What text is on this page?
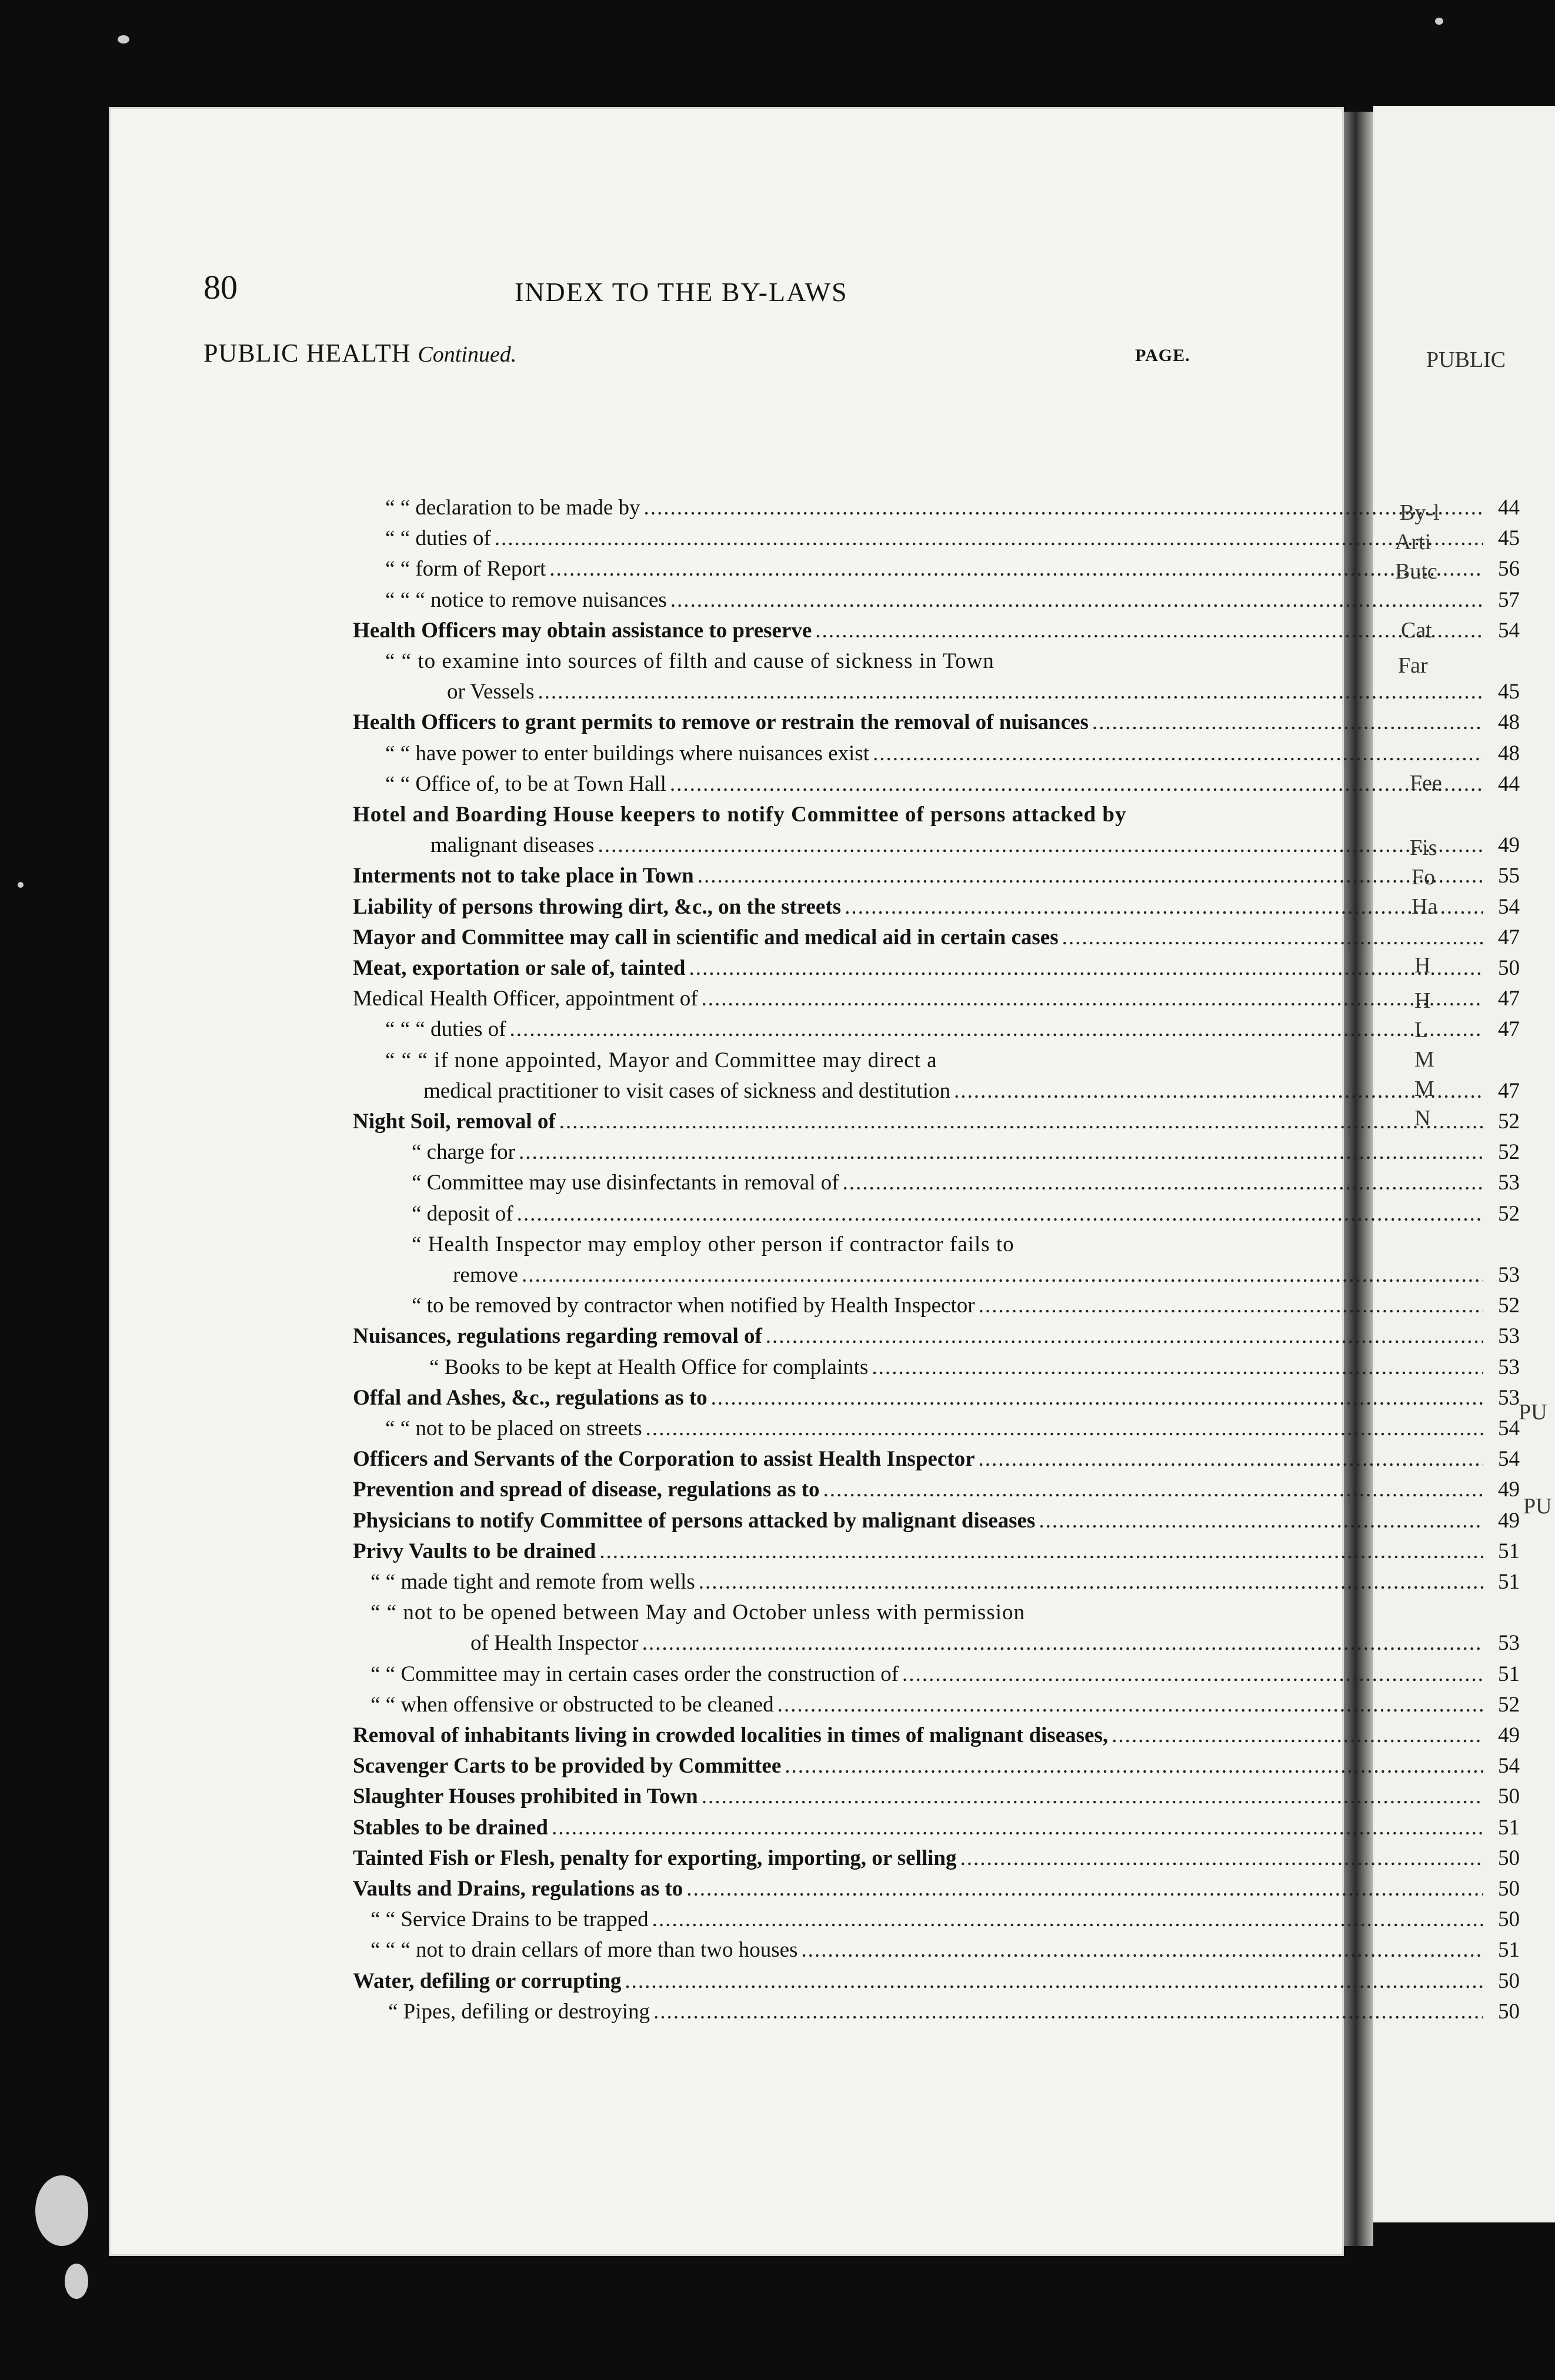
PUBLIC
By-l
Arti
Butc
Cat
Far
Fee
Fis
Fo
Ha
H
H
L
M
M
N
PU
PU
80	INDEX TO THE BY-LAWS
PUBLIC HEALTH Continued.	PAGE.
“ “ declaration to be made by .....	44
“ “ duties of .....	45
“ “ form of Report .....	56
“ “ “ notice to remove nuisances .....	57
Health Officers may obtain assistance to preserve .....	54
“ “ to examine into sources of filth and cause of sickness in Town
or Vessels .....	45
Health Officers to grant permits to remove or restrain the removal of nuisances .....	48
“ “ have power to enter buildings where nuisances exist .....	48
“ “ Office of, to be at Town Hall .....	44
Hotel and Boarding House keepers to notify Committee of persons attacked by
malignant diseases .....	49
Interments not to take place in Town .....	55
Liability of persons throwing dirt, &c., on the streets .....	54
Mayor and Committee may call in scientific and medical aid in certain cases .....	47
Meat, exportation or sale of, tainted .....	50
Medical Health Officer, appointment of .....	47
“ “ “ duties of .....	47
“ “ “ if none appointed, Mayor and Committee may direct a
medical practitioner to visit cases of sickness and destitution .....	47
Night Soil, removal of .....	52
“ charge for .....	52
“ Committee may use disinfectants in removal of .....	53
“ deposit of .....	52
“ Health Inspector may employ other person if contractor fails to
remove .....	53
“ to be removed by contractor when notified by Health Inspector .....	52
Nuisances, regulations regarding removal of .....	53
“ Books to be kept at Health Office for complaints .....	53
Offal and Ashes, &c., regulations as to .....	53
“ “ not to be placed on streets .....	54
Officers and Servants of the Corporation to assist Health Inspector .....	54
Prevention and spread of disease, regulations as to .....	49
Physicians to notify Committee of persons attacked by malignant diseases .....	49
Privy Vaults to be drained .....	51
“ “ made tight and remote from wells .....	51
“ “ not to be opened between May and October unless with permission
of Health Inspector .....	53
“ “ Committee may in certain cases order the construction of .....	51
“ “ when offensive or obstructed to be cleaned .....	52
Removal of inhabitants living in crowded localities in times of malignant diseases, .....	49
Scavenger Carts to be provided by Committee .....	54
Slaughter Houses prohibited in Town .....	50
Stables to be drained .....	51
Tainted Fish or Flesh, penalty for exporting, importing, or selling .....	50
Vaults and Drains, regulations as to .....	50
“ “ Service Drains to be trapped .....	50
“ “ “ not to drain cellars of more than two houses .....	51
Water, defiling or corrupting .....	50
“ Pipes, defiling or destroying .....	50
